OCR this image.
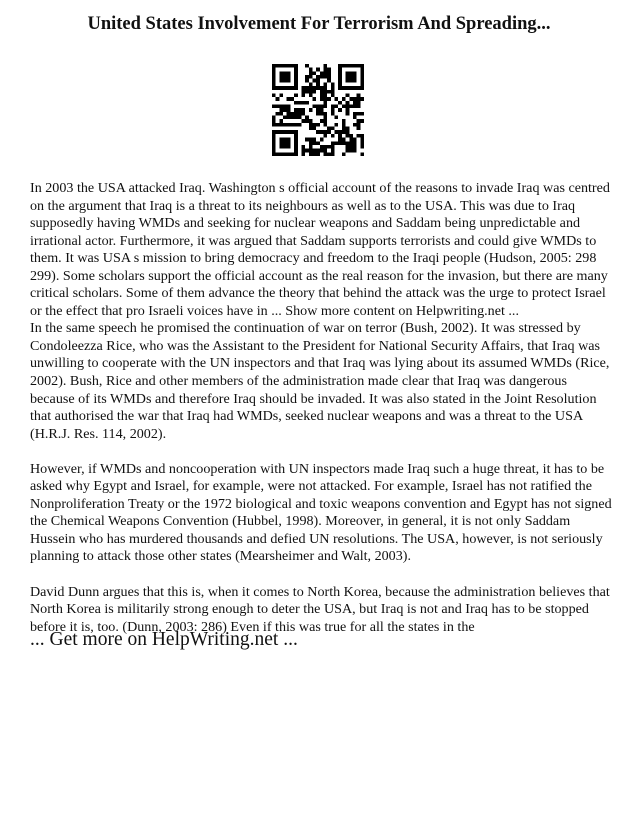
United States Involvement For Terrorism And Spreading...

In 2003 the USA attacked Iraq. Washington s official account of the reasons to invade Iraq was centred on the argument that Iraq is a threat to its neighbours as well as to the USA. This was due to Iraq supposedly having WMDs and seeking for nuclear weapons and Saddam being unpredictable and irrational actor. Furthermore, it was argued that Saddam supports terrorists and could give WMDs to them. It was USA s mission to bring democracy and freedom to the Iraqi people (Hudson, 2005: 298 299). Some scholars support the official account as the real reason for the invasion, but there are many critical scholars. Some of them advance the theory that behind the attack was the urge to protect Israel or the effect that pro Israeli voices have in ... Show more content on Helpwriting.net ...

In the same speech he promised the continuation of war on terror (Bush, 2002). It was stressed by Condoleezza Rice, who was the Assistant to the President for National Security Affairs, that Iraq was unwilling to cooperate with the UN inspectors and that Iraq was lying about its assumed WMDs (Rice, 2002). Bush, Rice and other members of the administration made clear that Iraq was dangerous because of its WMDs and therefore Iraq should be invaded. It was also stated in the Joint Resolution that authorised the war that Iraq had WMDs, seeked nuclear weapons and was a threat to the USA (H.R.J. Res. 114, 2002).

However, if WMDs and noncooperation with UN inspectors made Iraq such a huge threat, it has to be asked why Egypt and Israel, for example, were not attacked. For example, Israel has not ratified the Nonproliferation Treaty or the 1972 biological and toxic weapons convention and Egypt has not signed the Chemical Weapons Convention (Hubbel, 1998). Moreover, in general, it is not only Saddam Hussein who has murdered thousands and defied UN resolutions. The USA, however, is not seriously planning to attack those other states (Mearsheimer and Walt, 2003).

David Dunn argues that this is, when it comes to North Korea, because the administration believes that North Korea is militarily strong enough to deter the USA, but Iraq is not and Iraq has to be stopped before it is, too. (Dunn, 2003: 286) Even if this was true for all the states in the

... Get more on HelpWriting.net ...
